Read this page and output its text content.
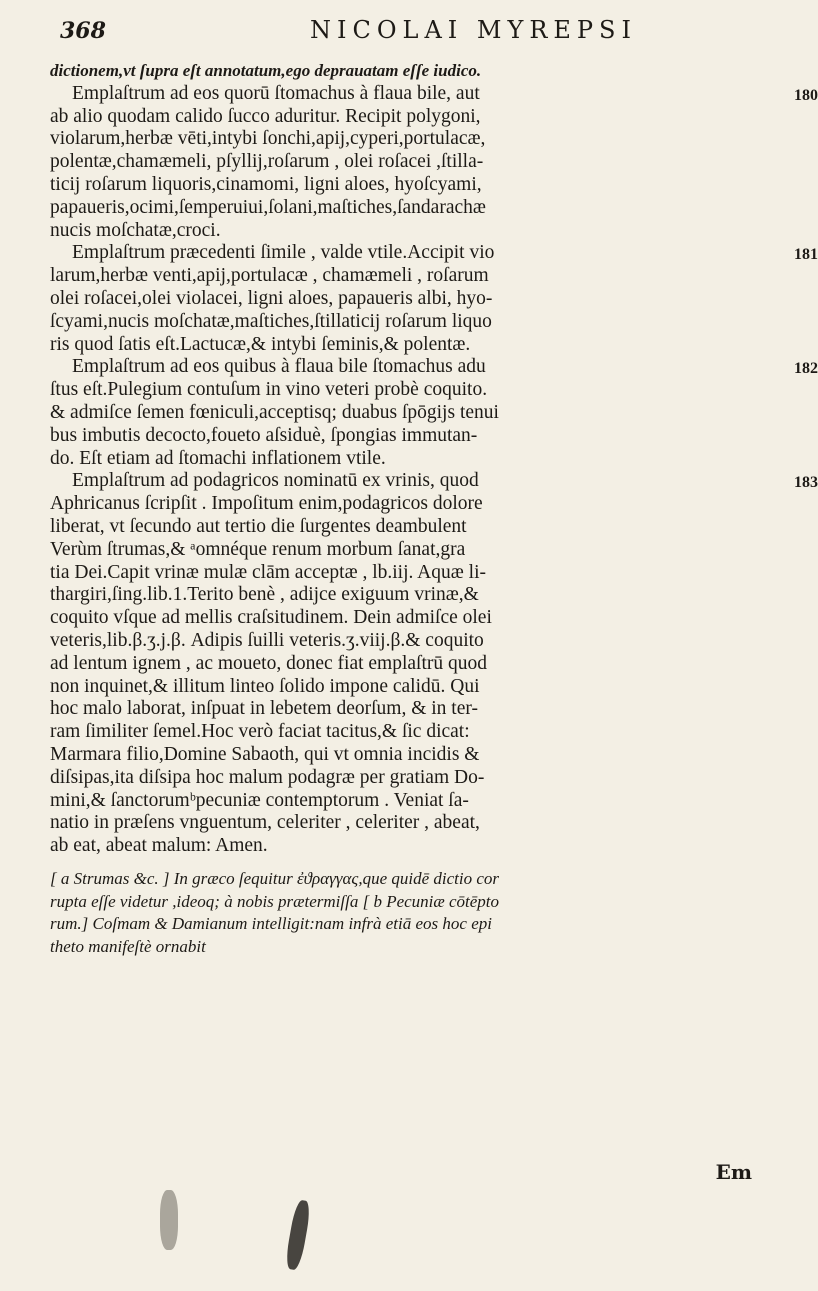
368	NICOLAI MYREPSI
dictionem,vt ſupra eſt annotatum,ego deprauatam eſſe iudico.
Emplaſtrum ad eos quorū ſtomachus à flaua bile, aut
ab alio quodam calido ſucco aduritur. Recipit polygoni,
violarum,herbæ vēti,intybi ſonchi,apij,cyperi,portulacæ,
polentæ,chamæmeli, pſyllij,roſarum , olei roſacei ,ſtilla-
ticij roſarum liquoris,cinamomi, ligni aloes, hyoſcyami,
papaueris,ocimi,ſemperuiui,ſolani,maſtiches,ſandarachæ
nucis moſchatæ,croci.
180
Emplaſtrum præcedenti ſimile , valde vtile.Accipit vio
larum,herbæ venti,apij,portulacæ , chamæmeli , roſarum
olei roſacei,olei violacei, ligni aloes, papaueris albi, hyo-
ſcyami,nucis moſchatæ,maſtiches,ſtillaticij roſarum liquo
ris quod ſatis eſt.Lactucæ,& intybi ſeminis,& polentæ.
181
Emplaſtrum ad eos quibus à flaua bile ſtomachus adu
ſtus eſt.Pulegium contuſum in vino veteri probè coquito.
& admiſce ſemen fœniculi,acceptisq; duabus ſpōgijs tenui
bus imbutis decocto,foueto aſsiduè, ſpongias immutan-
do. Eſt etiam ad ſtomachi inflationem vtile.
182
Emplaſtrum ad podagricos nominatū ex vrinis, quod
Aphricanus ſcripſit . Impoſitum enim,podagricos dolore
liberat, vt ſecundo aut tertio die ſurgentes deambulent
Verùm ſtrumas,& ᵃomnéque renum morbum ſanat,gra
tia Dei.Capit vrinæ mulæ clām acceptæ , lb.iij. Aquæ li-
thargiri,ſing.lib.1.Terito benè , adijce exiguum vrinæ,&
coquito vſque ad mellis craſsitudinem. Dein admiſce olei
veteris,lib.β.ʒ.j.β. Adipis ſuilli veteris.ʒ.viij.β.& coquito
ad lentum ignem , ac moueto, donec fiat emplaſtrū quod
non inquinet,& illitum linteo ſolido impone calidū. Qui
hoc malo laborat, inſpuat in lebetem deorſum, & in ter-
ram ſimiliter ſemel.Hoc verò faciat tacitus,& ſic dicat:
Marmara filio,Domine Sabaoth, qui vt omnia incidis &
diſsipas,ita diſsipa hoc malum podagræ per gratiam Do-
mini,& ſanctorumᵇpecuniæ contemptorum . Veniat ſa-
natio in præſens vnguentum, celeriter , celeriter , abeat,
ab eat, abeat malum: Amen.
183
[ a Strumas &c. ] In græco ſequitur ἐϑραγγας,que quidē dictio cor
rupta eſſe videtur ,ideoq; à nobis prætermiſſa [ b Pecuniæ cōtēpto
rum.] Coſmam & Damianum intelligit:nam infrà etiā eos hoc epi
theto manifeſtè ornabit
Em
